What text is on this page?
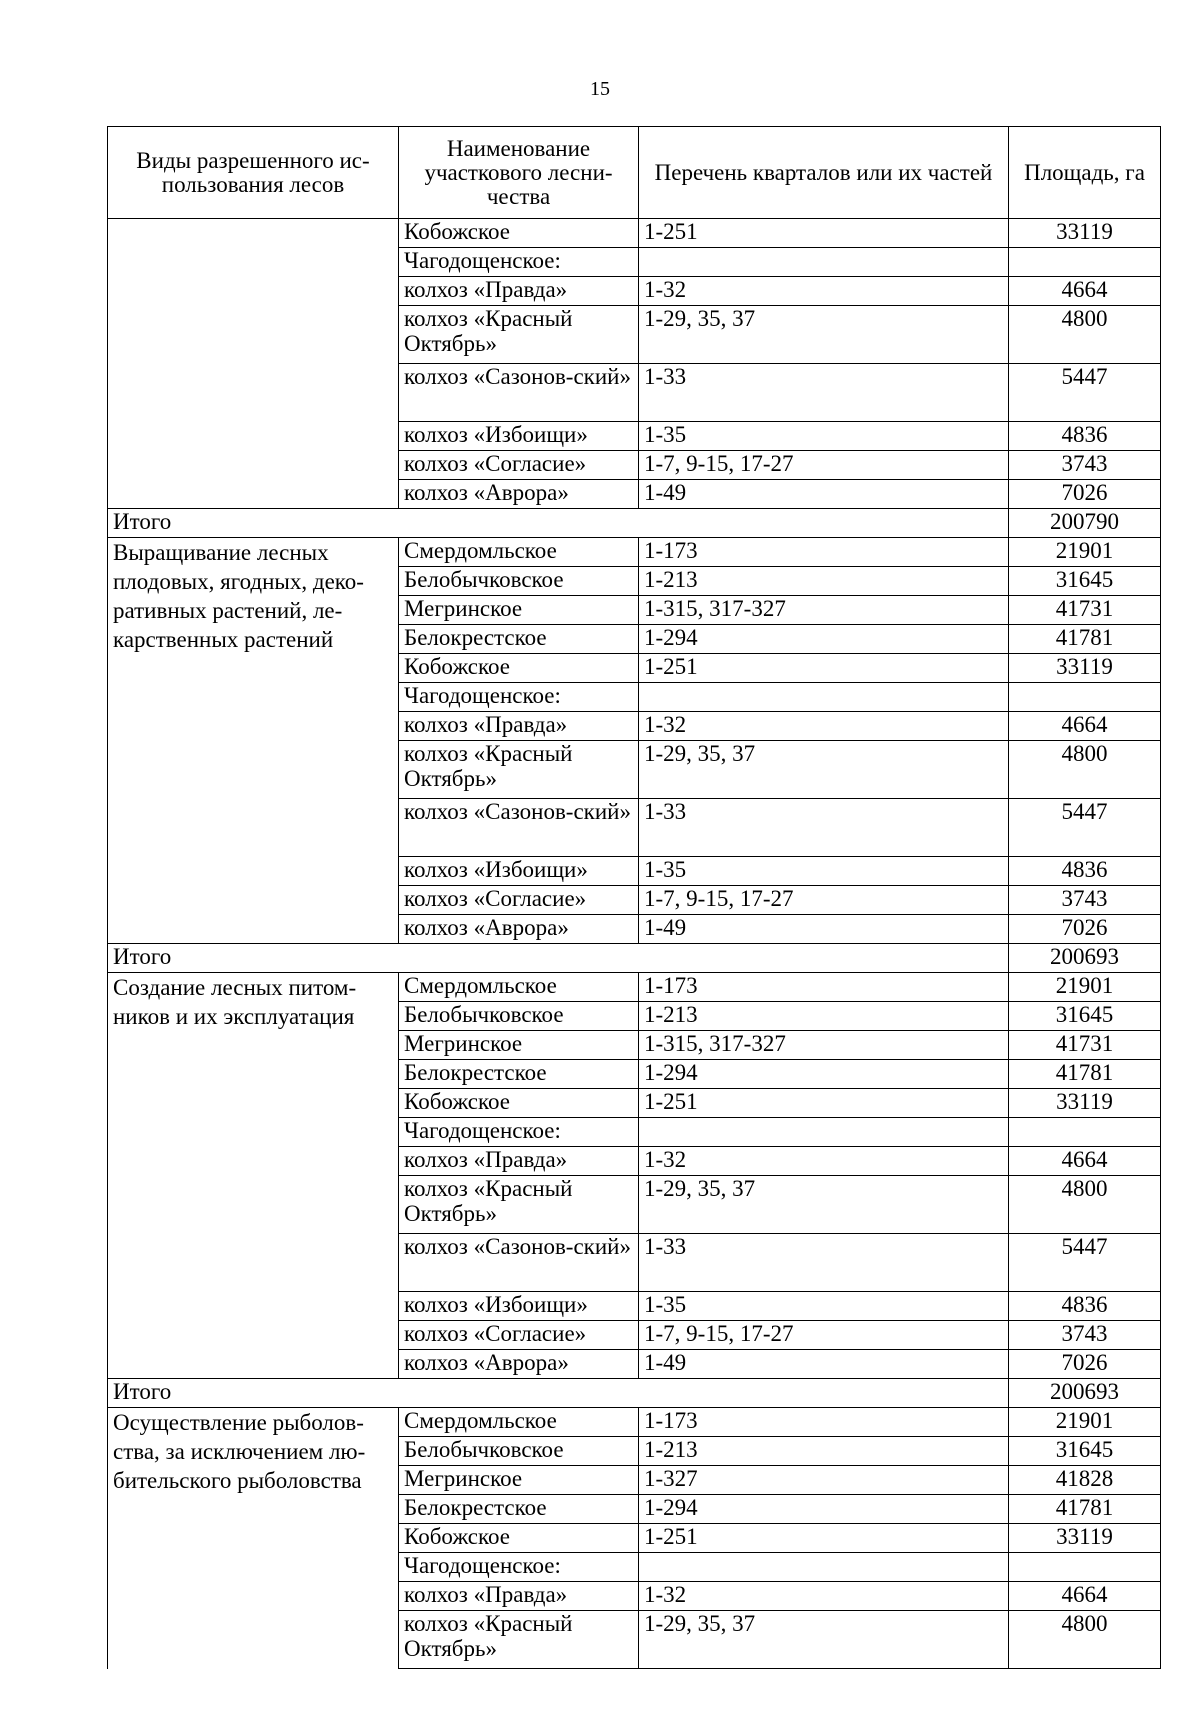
15
Виды разрешенного ис-пользования лесов	Наименование участкового лесни-чества	Перечень кварталов или их частей	Площадь, га
	Кобожское	1-251	33119
	Чагодощенское:		
	колхоз «Правда»	1-32	4664
	колхоз «Красный Октябрь»	1-29, 35, 37	4800
	колхоз «Сазонов-ский»	1-33	5447
	колхоз «Избоищи»	1-35	4836
	колхоз «Согласие»	1-7, 9-15, 17-27	3743
	колхоз «Аврора»	1-49	7026
Итого			200790
Выращивание лесных плодовых, ягодных, деко-ративных растений, ле-карственных растений	Смердомльское	1-173	21901
	Белобычковское	1-213	31645
	Мегринское	1-315, 317-327	41731
	Белокрестское	1-294	41781
	Кобожское	1-251	33119
	Чагодощенское:		
	колхоз «Правда»	1-32	4664
	колхоз «Красный Октябрь»	1-29, 35, 37	4800
	колхоз «Сазонов-ский»	1-33	5447
	колхоз «Избоищи»	1-35	4836
	колхоз «Согласие»	1-7, 9-15, 17-27	3743
	колхоз «Аврора»	1-49	7026
Итого			200693
Создание лесных питом-ников и их эксплуатация	Смердомльское	1-173	21901
	Белобычковское	1-213	31645
	Мегринское	1-315, 317-327	41731
	Белокрестское	1-294	41781
	Кобожское	1-251	33119
	Чагодощенское:		
	колхоз «Правда»	1-32	4664
	колхоз «Красный Октябрь»	1-29, 35, 37	4800
	колхоз «Сазонов-ский»	1-33	5447
	колхоз «Избоищи»	1-35	4836
	колхоз «Согласие»	1-7, 9-15, 17-27	3743
	колхоз «Аврора»	1-49	7026
Итого			200693
Осуществление рыболов-ства, за исключением лю-бительского рыболовства	Смердомльское	1-173	21901
	Белобычковское	1-213	31645
	Мегринское	1-327	41828
	Белокрестское	1-294	41781
	Кобожское	1-251	33119
	Чагодощенское:		
	колхоз «Правда»	1-32	4664
	колхоз «Красный Октябрь»	1-29, 35, 37	4800
